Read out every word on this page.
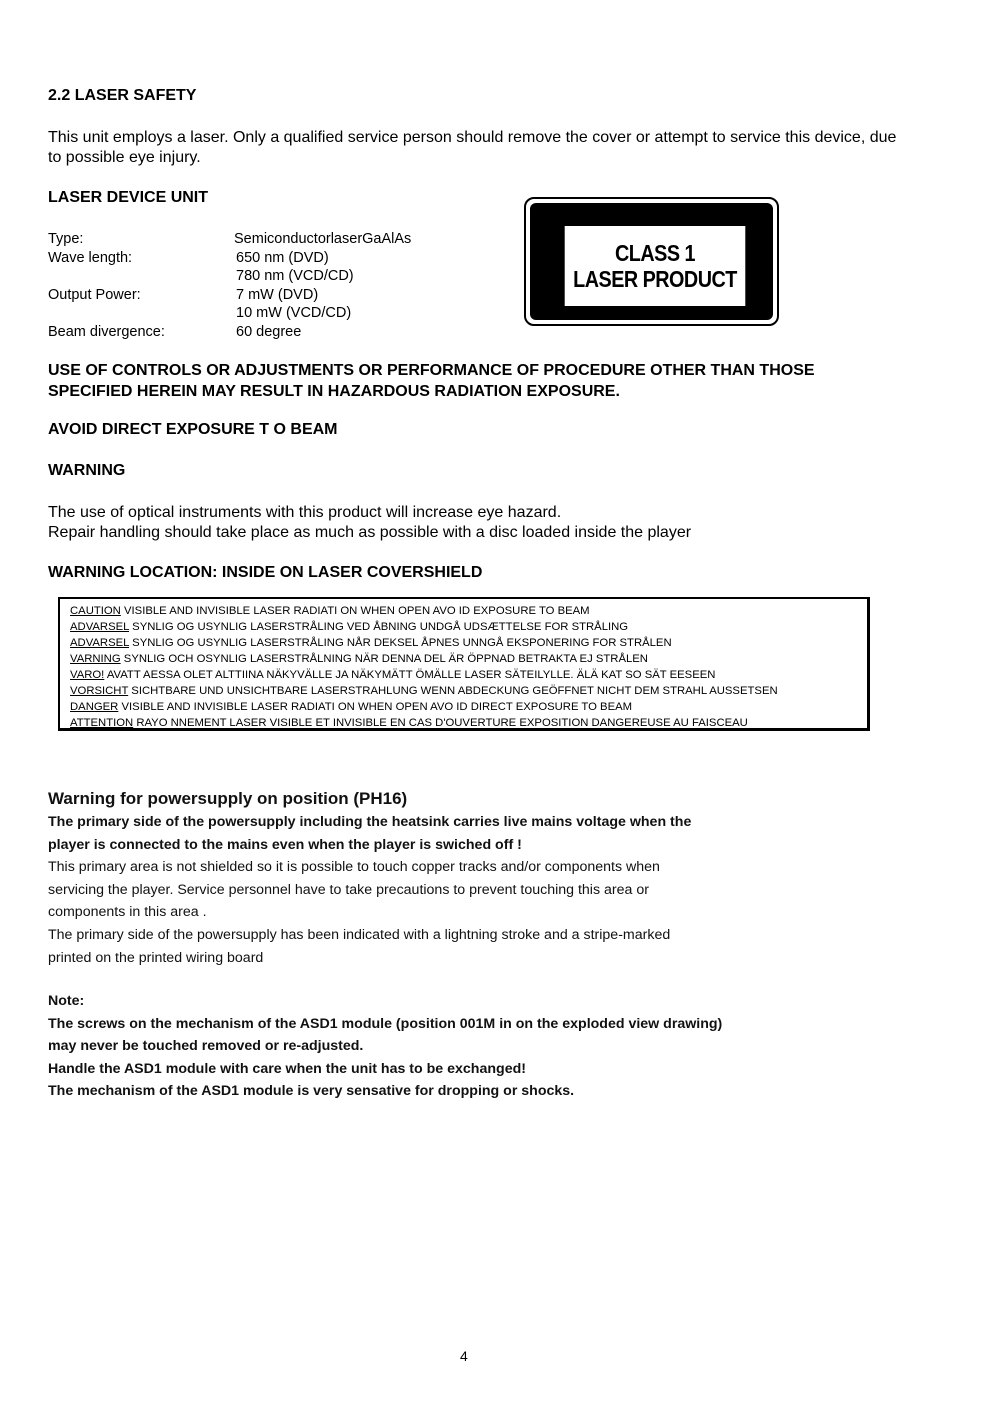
2.2 LASER SAFETY
This unit employs a laser. Only a qualified service person should remove the cover or attempt to service this device, due to possible eye injury.
LASER DEVICE UNIT
Type:	SemiconductorlaserGaAlAs
Wave length:	650 nm (DVD)
780 nm (VCD/CD)
Output Power:	7 mW (DVD)
10 mW (VCD/CD)
Beam divergence:	60 degree
CLASS 1
LASER PRODUCT
USE OF CONTROLS OR ADJUSTMENTS OR PERFORMANCE OF PROCEDURE OTHER THAN THOSE
SPECIFIED HEREIN MAY RESULT IN HAZARDOUS RADIATION EXPOSURE.
AVOID DIRECT EXPOSURE T O BEAM
WARNING
The use of optical instruments with this product will increase eye hazard.
Repair handling should take place as much as possible with a disc loaded inside the player
WARNING LOCATION: INSIDE ON LASER COVERSHIELD
CAUTION VISIBLE AND INVISIBLE LASER RADIATI ON WHEN OPEN AVO ID EXPOSURE TO BEAM
ADVARSEL SYNLIG OG USYNLIG LASERSTRÅLING VED ÅBNING UNDGÅ UDSÆTTELSE FOR STRÅLING
ADVARSEL SYNLIG OG USYNLIG LASERSTRÅLING NÅR DEKSEL ÅPNES UNNGÅ EKSPONERING FOR STRÅLEN
VARNING SYNLIG OCH OSYNLIG LASERSTRÅLNING NÄR DENNA DEL ÄR ÖPPNAD BETRAKTA EJ STRÅLEN
VARO! AVATT AESSA OLET ALTTIINA NÄKYVÄLLE JA NÄKYMÄTT ÖMÄLLE LASER SÄTEILYLLE. ÄLÄ KAT SO SÄT EESEEN
VORSICHT SICHTBARE UND UNSICHTBARE LASERSTRAHLUNG WENN ABDECKUNG GEÖFFNET NICHT DEM STRAHL AUSSETSEN
DANGER VISIBLE AND INVISIBLE LASER RADIATI ON WHEN OPEN AVO ID DIRECT EXPOSURE TO BEAM
ATTENTION RAYO NNEMENT LASER VISIBLE ET INVISIBLE EN CAS D'OUVERTURE EXPOSITION DANGEREUSE AU FAISCEAU
Warning for powersupply on position (PH16)
The primary side of the powersupply including the heatsink carries live mains voltage when the
player is connected to the mains even when the player is swiched off !
This primary area is not shielded so it is possible to touch copper tracks and/or components when
servicing the player. Service personnel have to take precautions to prevent touching this area or
components in this area .
The primary side of the powersupply has been indicated with a lightning stroke and a stripe-marked
printed on the printed wiring board
Note:
The screws on the mechanism of the ASD1 module (position 001M in on the exploded view drawing)
may never be touched removed or re-adjusted.
Handle the ASD1 module with care when the unit has to be exchanged!
The mechanism of the ASD1 module is very sensative for dropping or shocks.
4
